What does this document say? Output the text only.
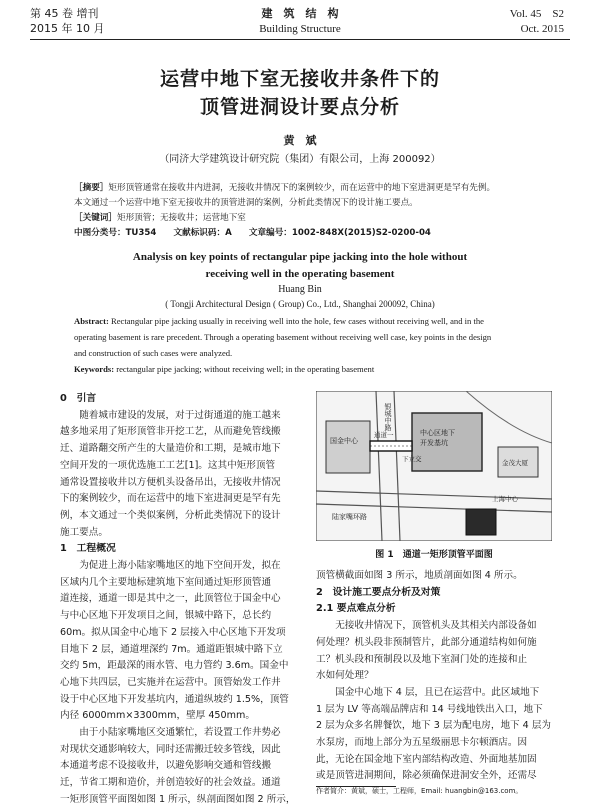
第 45 卷 增刊
2015 年 10 月
建　筑　结　构
Building Structure
Vol. 45　S2
Oct. 2015
运营中地下室无接收井条件下的
顶管进洞设计要点分析
黄　斌
（同济大学建筑设计研究院（集团）有限公司，上海 200092）
［摘要］矩形顶管通常在接收井内进洞，无接收井情况下的案例较少，而在运营中的地下室进洞更是罕有先例。
本文通过一个运营中地下室无接收井的顶管进洞的案例，分析此类情况下的设计施工要点。
［关键词］矩形顶管；无接收井；运营地下室
中图分类号：TU354　　文献标识码：A　　文章编号：1002-848X(2015)S2-0200-04
Analysis on key points of rectangular pipe jacking into the hole without
receiving well in the operating basement
Huang Bin
( Tongji Architectural Design ( Group) Co., Ltd., Shanghai 200092, China)
Abstract: Rectangular pipe jacking usually in receiving well into the hole, few cases without receiving well, and in the
operating basement is rare precedent. Through a operating basement without receiving well case, key points in the design
and construction of such cases were analyzed.
Keywords: rectangular pipe jacking; without receiving well; in the operating basement
0　引言
随着城市建设的发展，对于过街通道的施工越来
越多地采用了矩形顶管非开挖工艺，从而避免管线搬
迁、道路翻交所产生的大量造价和工期，是城市地下
空间开发的一项优选施工工艺[1]。这其中矩形顶管
通常设置接收井以方便机头设备吊出，无接收井情况
下的案例较少，而在运营中的地下室进洞更是罕有先
例，本文通过一个类似案例，分析此类情况下的设计
施工要点。
1　工程概况
为促进上海小陆家嘴地区的地下空间开发，拟在
区域内几个主要地标建筑地下室间通过矩形顶管通
道连接，通道一即是其中之一，此顶管位于国金中心
与中心区地下开发项目之间，银城中路下，总长约
60m。拟从国金中心地下 2 层接入中心区地下开发项
目地下 2 层，通道埋深约 7m。通道距银城中路下立
交约 5m，距最深的雨水管、电力管约 3.6m。国金中
心地下共四层，已实施并在运营中。顶管始发工作井
设于中心区地下开发基坑内，通道纵坡约 1.5%，顶管
内径 6000mm×3300mm，壁厚 450mm。
由于小陆家嘴地区交通繁忙，若设置工作井势必
对现状交通影响较大，同时还需搬迁较多管线，因此
本通道考虑不设接收井，以避免影响交通和管线搬
迁，节省工期和造价，并创造较好的社会效益。通道
一矩形顶管平面图如图 1 所示，纵剖面图如图 2 所示，
银城中路
国金中心
下立交
中心区地下
开发基坑
通道一
金茂大厦
陆家嘴环路
上海中心
图 1　通道一矩形顶管平面图
顶管横截面如图 3 所示，地质剖面如图 4 所示。
2　设计施工要点分析及对策
2.1 要点难点分析
无接收井情况下，顶管机头及其相关内部设备如
何处理？机头段非预制管片，此部分通道结构如何施
工？机头段和预制段以及地下室洞门处的连接和止
水如何处理？
国金中心地下 4 层，且已在运营中。此区域地下
1 层为 LV 等高端品牌店和 14 号线地铁出入口，地下
2 层为众多名牌餐饮，地下 3 层为配电房，地下 4 层为
水泵房，而地上部分为五星级丽思卡尔顿酒店。因
此，无论在国金地下室内部结构改造、外面地基加固
或是顶管进洞期间，除必须确保进洞安全外，还需尽
作者简介：黄斌，硕士，工程师，Email: huangbin@163.com。
